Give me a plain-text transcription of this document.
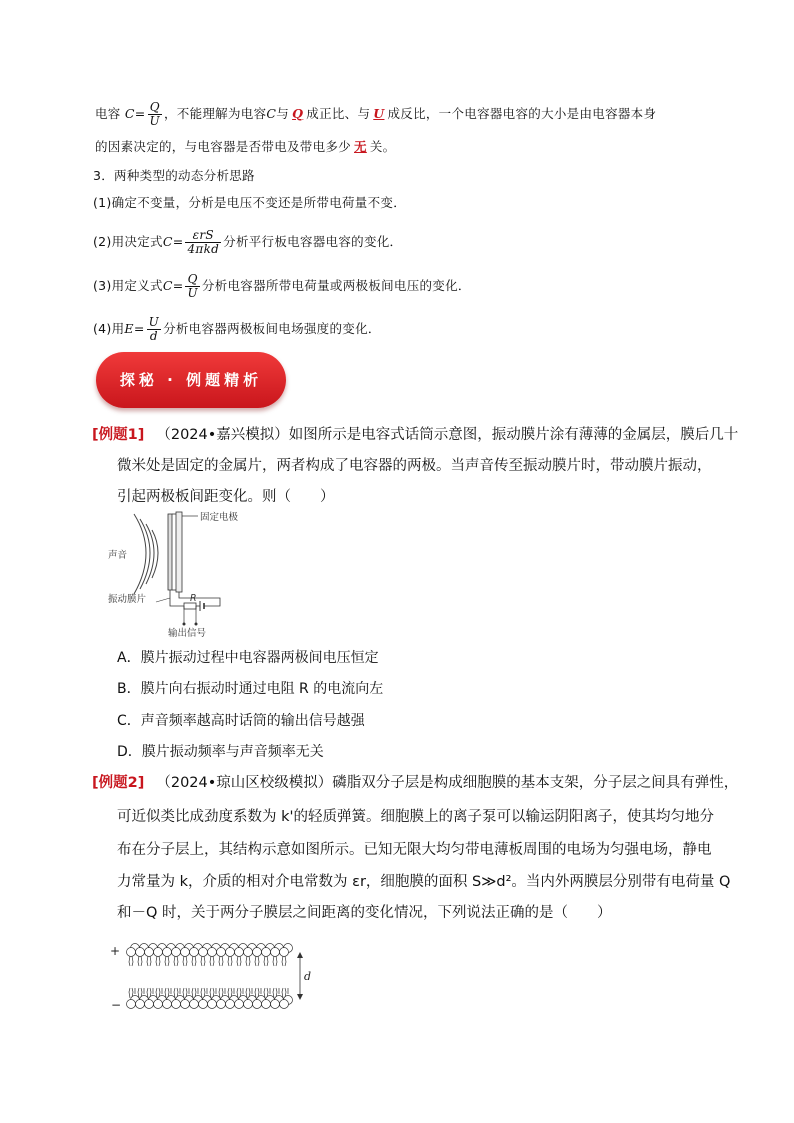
电容 $C= \frac{Q}{U}$ ，不能理解为电容C与 Q 成正比、与 U 成反比，一个电容器电容的大小是由电容器本身
的因素决定的，与电容器是否带电及带电多少 无 关。
3．两种类型的动态分析思路
(1)确定不变量，分析是电压不变还是所带电荷量不变．
(2)用决定式$C= \frac{\text{εrS}}{\text{4πkd}}$ 分析平行板电容器电容的变化．
(3)用定义式$C= \frac{Q}{U}$ 分析电容器所带电荷量或两极板间电压的变化．
(4)用$E= \frac{U}{d}$ 分析电容器两极板间电场强度的变化．
探秘 · 例题精析
[例题1] （2024•嘉兴模拟）如图所示是电容式话筒示意图，振动膜片涂有薄薄的金属层，膜后几十
微米处是固定的金属片，两者构成了电容器的两极。当声音传至振动膜片时，带动膜片振动，
引起两极板间距变化。则（　　）
R
固定电极
声音
振动膜片
输出信号
A．膜片振动过程中电容器两极间电压恒定
B．膜片向右振动时通过电阻 R 的电流向左
C．声音频率越高时话筒的输出信号越强
D．膜片振动频率与声音频率无关
[例题2] （2024•琼山区校级模拟）磷脂双分子层是构成细胞膜的基本支架，分子层之间具有弹性，
可近似类比成劲度系数为 k'的轻质弹簧。细胞膜上的离子泵可以输运阴阳离子，使其均匀地分
布在分子层上，其结构示意如图所示。已知无限大均匀带电薄板周围的电场为匀强电场，静电
力常量为 k，介质的相对介电常数为 εr，细胞膜的面积 S≫d²。当内外两膜层分别带有电荷量 Q
和－Q 时，关于两分子膜层之间距离的变化情况，下列说法正确的是（　　）
+
−
d
